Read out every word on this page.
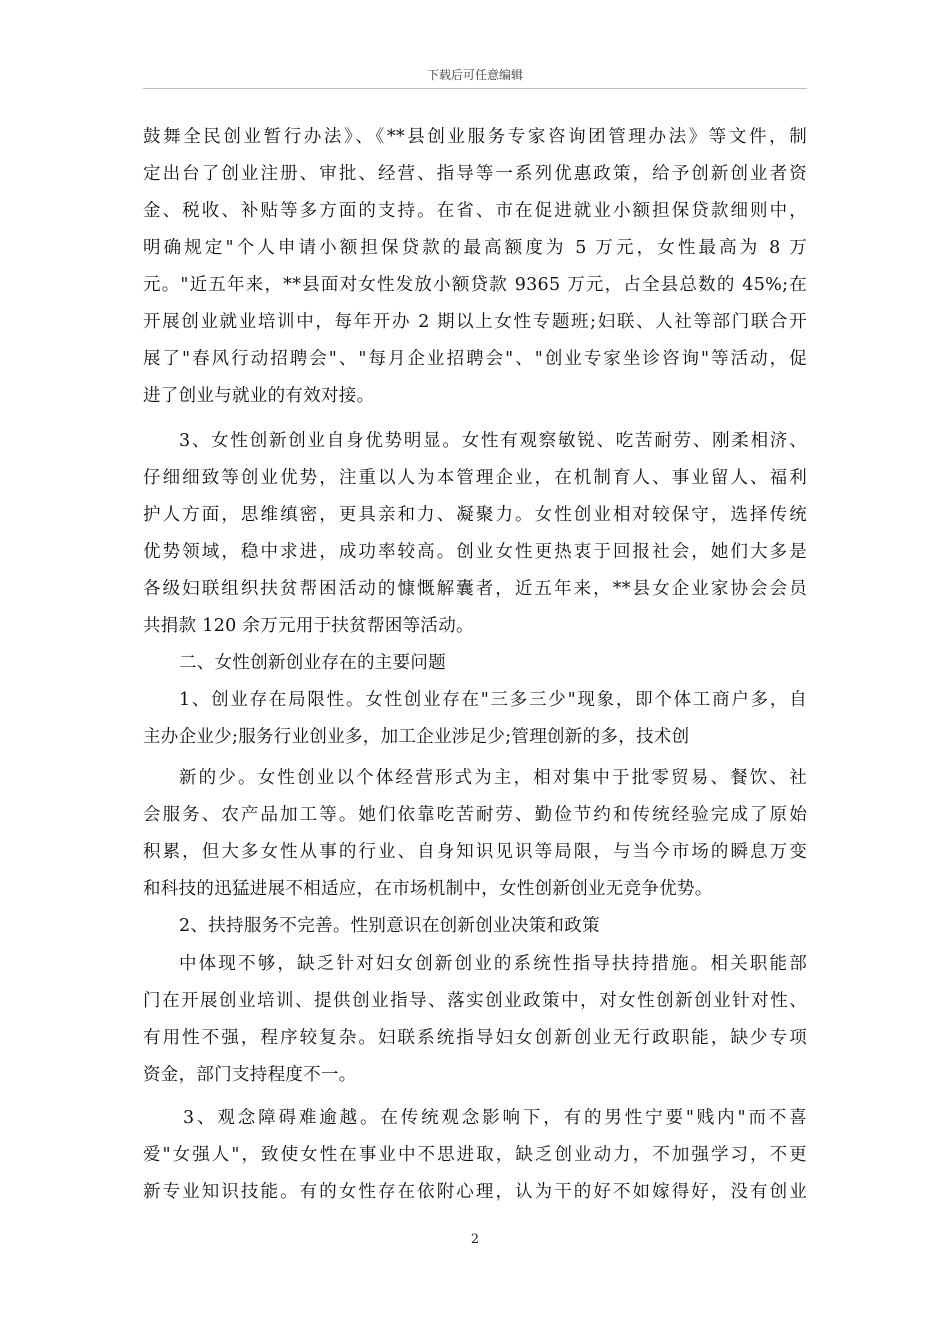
下载后可任意编辑
鼓舞全民创业暂行办法》、《**县创业服务专家咨询团管理办法》等文件，制
定出台了创业注册、审批、经营、指导等一系列优惠政策，给予创新创业者资
金、税收、补贴等多方面的支持。在省、市在促进就业小额担保贷款细则中，
明确规定"个人申请小额担保贷款的最高额度为 5 万元，女性最高为 8 万
元。"近五年来，**县面对女性发放小额贷款 9365 万元，占全县总数的 45%;在
开展创业就业培训中，每年开办 2 期以上女性专题班;妇联、人社等部门联合开
展了"春风行动招聘会"、"每月企业招聘会"、"创业专家坐诊咨询"等活动，促
进了创业与就业的有效对接。
3、女性创新创业自身优势明显。女性有观察敏锐、吃苦耐劳、刚柔相济、
仔细细致等创业优势，注重以人为本管理企业，在机制育人、事业留人、福利
护人方面，思维缜密，更具亲和力、凝聚力。女性创业相对较保守，选择传统
优势领域，稳中求进，成功率较高。创业女性更热衷于回报社会，她们大多是
各级妇联组织扶贫帮困活动的慷慨解囊者，近五年来，**县女企业家协会会员
共捐款 120 余万元用于扶贫帮困等活动。
二、女性创新创业存在的主要问题
1、创业存在局限性。女性创业存在"三多三少"现象，即个体工商户多，自
主办企业少;服务行业创业多，加工企业涉足少;管理创新的多，技术创
新的少。女性创业以个体经营形式为主，相对集中于批零贸易、餐饮、社
会服务、农产品加工等。她们依靠吃苦耐劳、勤俭节约和传统经验完成了原始
积累，但大多女性从事的行业、自身知识见识等局限，与当今市场的瞬息万变
和科技的迅猛进展不相适应，在市场机制中，女性创新创业无竞争优势。
2、扶持服务不完善。性别意识在创新创业决策和政策
中体现不够，缺乏针对妇女创新创业的系统性指导扶持措施。相关职能部
门在开展创业培训、提供创业指导、落实创业政策中，对女性创新创业针对性、
有用性不强，程序较复杂。妇联系统指导妇女创新创业无行政职能，缺少专项
资金，部门支持程度不一。
3、观念障碍难逾越。在传统观念影响下，有的男性宁要"贱内"而不喜
爱"女强人"，致使女性在事业中不思进取，缺乏创业动力，不加强学习，不更
新专业知识技能。有的女性存在依附心理，认为干的好不如嫁得好，没有创业
2
